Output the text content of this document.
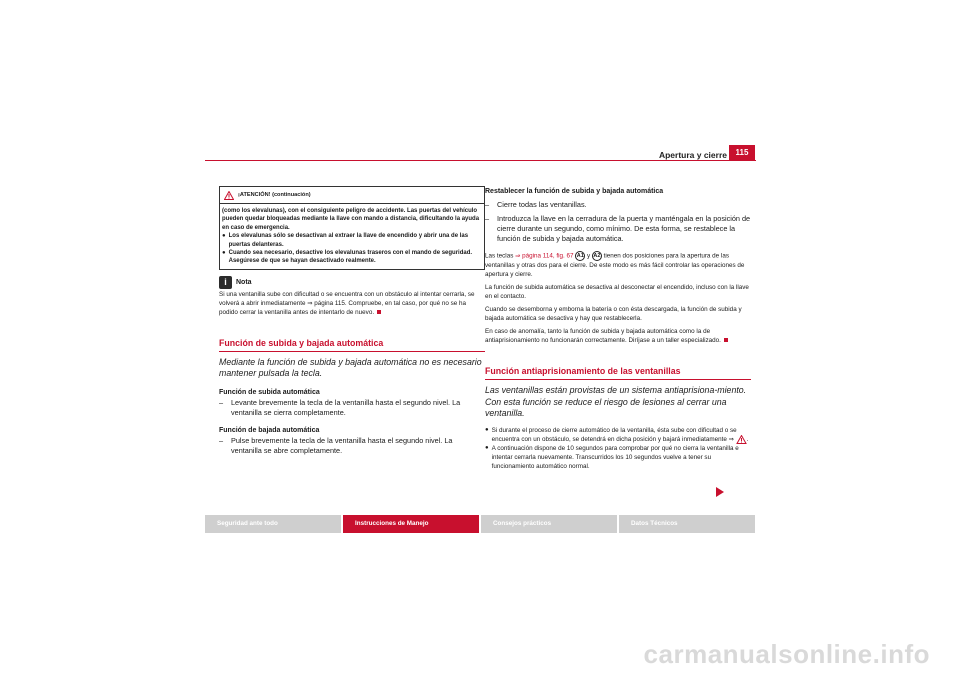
Apertura y cierre	115
¡ATENCIÓN! (continuación)
(como los elevalunas), con el consiguiente peligro de accidente. Las puertas del vehículo pueden quedar bloqueadas mediante la llave con mando a distancia, dificultando la ayuda en caso de emergencia.
● Los elevalunas sólo se desactivan al extraer la llave de encendido y abrir una de las puertas delanteras.
● Cuando sea necesario, desactive los elevalunas traseros con el mando de seguridad. Asegúrese de que se hayan desactivado realmente.
i Nota
Si una ventanilla sube con dificultad o se encuentra con un obstáculo al intentar cerrarla, se volverá a abrir inmediatamente ⇒ página 115. Compruebe, en tal caso, por qué no se ha podido cerrar la ventanilla antes de intentarlo de nuevo.
Función de subida y bajada automática
Mediante la función de subida y bajada automática no es necesario mantener pulsada la tecla.
Función de subida automática
–	Levante brevemente la tecla de la ventanilla hasta el segundo nivel. La ventanilla se cierra completamente.
Función de bajada automática
–	Pulse brevemente la tecla de la ventanilla hasta el segundo nivel. La ventanilla se abre completamente.
Restablecer la función de subida y bajada automática
–	Cierre todas las ventanillas.
–	Introduzca la llave en la cerradura de la puerta y manténgala en la posición de cierre durante un segundo, como mínimo. De esta forma, se restablece la función de subida y bajada automática.
Las teclas ⇒ página 114, fig. 67 A1 y A2 tienen dos posiciones para la apertura de las ventanillas y otras dos para el cierre. De este modo es más fácil controlar las operaciones de apertura y cierre.
La función de subida automática se desactiva al desconectar el encendido, incluso con la llave en el contacto.
Cuando se desemborna y emborna la batería o con ésta descargada, la función de subida y bajada automática se desactiva y hay que restablecerla.
En caso de anomalía, tanto la función de subida y bajada automática como la de antiaprisionamiento no funcionarán correctamente. Diríjase a un taller especializado.
Función antiaprisionamiento de las ventanillas
Las ventanillas están provistas de un sistema antiaprisiona-miento. Con esta función se reduce el riesgo de lesiones al cerrar una ventanilla.
● Si durante el proceso de cierre automático de la ventanilla, ésta sube con dificultad o se encuentra con un obstáculo, se detendrá en dicha posición y bajará inmediatamente ⇒ .
● A continuación dispone de 10 segundos para comprobar por qué no cierra la ventanilla e intentar cerrarla nuevamente. Transcurridos los 10 segundos vuelve a tener su funcionamiento automático normal.
Seguridad ante todo	Instrucciones de Manejo	Consejos prácticos	Datos Técnicos
carmanualsonline.info
